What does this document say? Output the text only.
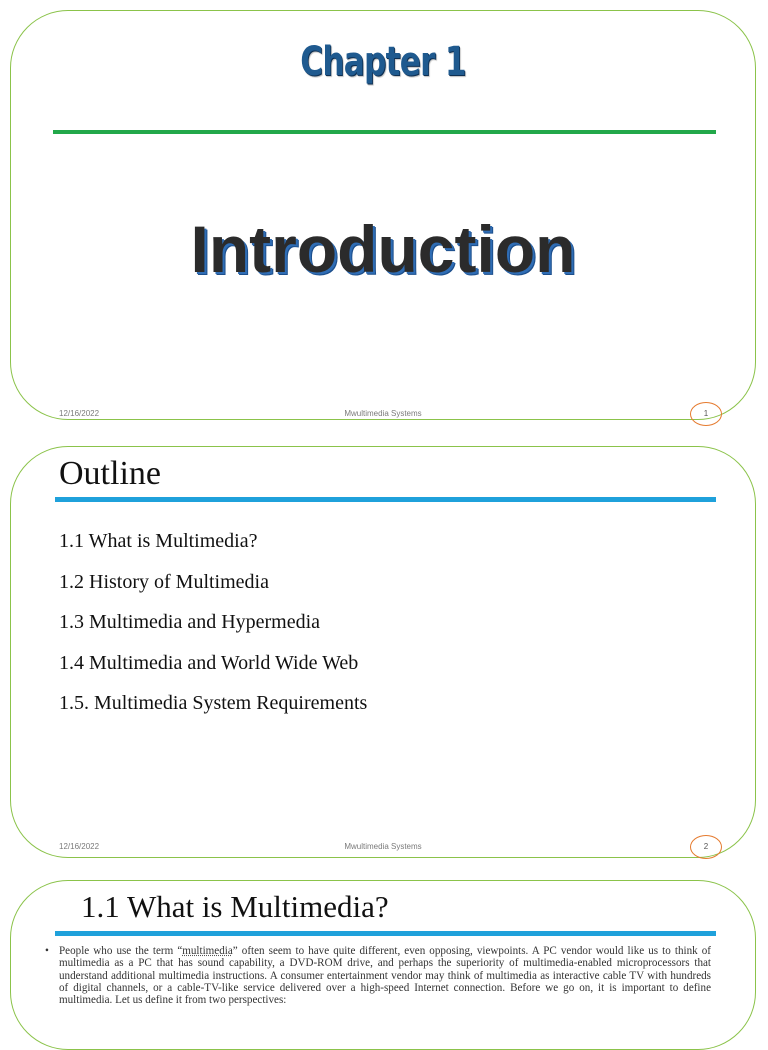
Chapter 1
Introduction
12/16/2022	Mwultimedia Systems	1
Outline
1.1 What is Multimedia?
1.2 History of Multimedia
1.3 Multimedia and Hypermedia
1.4 Multimedia and World Wide Web
1.5. Multimedia System Requirements
12/16/2022	Mwultimedia Systems	2
1.1 What is Multimedia?
• People who use the term “multimedia” often seem to have quite different, even opposing, viewpoints. A PC vendor would like us to think of multimedia as a PC that has sound capability, a DVD-ROM drive, and perhaps the superiority of multimedia-enabled microprocessors that understand additional multimedia instructions. A consumer entertainment vendor may think of multimedia as interactive cable TV with hundreds of digital channels, or a cable-TV-like service delivered over a high-speed Internet connection. Before we go on, it is important to define multimedia. Let us define it from two perspectives:
